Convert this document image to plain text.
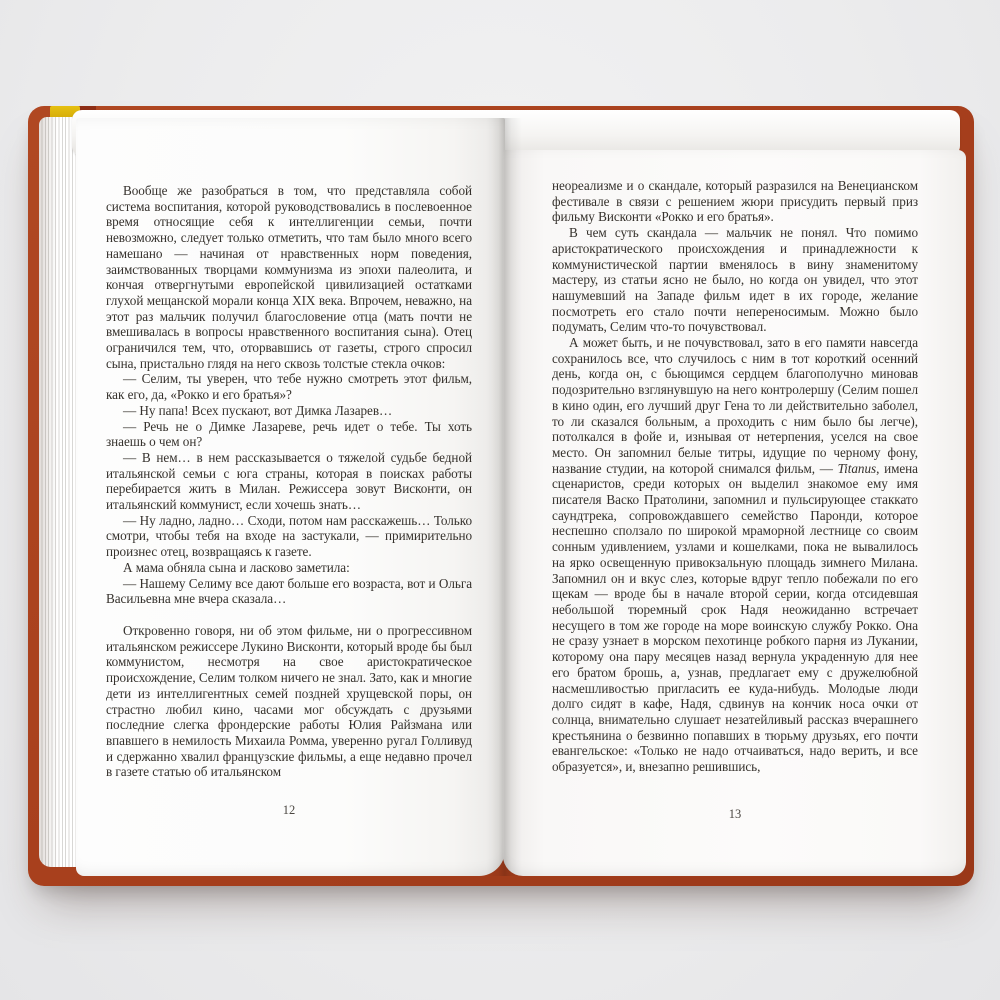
Вообще же разобраться в том, что представляла собой система воспитания, которой руководствовались в послевоенное время относящие себя к интеллигенции семьи, почти невозможно, следует только отметить, что там было много всего намешано — начиная от нравственных норм поведения, заимствованных творцами коммунизма из эпохи палеолита, и кончая отвергнутыми европейской цивилизацией остатками глухой мещанской морали конца XIX века. Впрочем, неважно, на этот раз мальчик получил благословение отца (мать почти не вмешивалась в вопросы нравственного воспитания сына). Отец ограничился тем, что, оторвавшись от газеты, строго спросил сына, пристально глядя на него сквозь толстые стекла очков:

— Селим, ты уверен, что тебе нужно смотреть этот фильм, как его, да, «Рокко и его братья»?

— Ну папа! Всех пускают, вот Димка Лазарев…

— Речь не о Димке Лазареве, речь идет о тебе. Ты хоть знаешь о чем он?

— В нем… в нем рассказывается о тяжелой судьбе бедной итальянской семьи с юга страны, которая в поисках работы перебирается жить в Милан. Режиссера зовут Висконти, он итальянский коммунист, если хочешь знать…

— Ну ладно, ладно… Сходи, потом нам расскажешь… Только смотри, чтобы тебя на входе на застукали, — примирительно произнес отец, возвращаясь к газете.

А мама обняла сына и ласково заметила:

— Нашему Селиму все дают больше его возраста, вот и Ольга Васильевна мне вчера сказала…

Откровенно говоря, ни об этом фильме, ни о прогрессивном итальянском режиссере Лукино Висконти, который вроде бы был коммунистом, несмотря на свое аристократическое происхождение, Селим толком ничего не знал. Зато, как и многие дети из интеллигентных семей поздней хрущевской поры, он страстно любил кино, часами мог обсуждать с друзьями последние слегка фрондерские работы Юлия Райзмана или впавшего в немилость Михаила Ромма, уверенно ругал Голливуд и сдержанно хвалил французские фильмы, а еще недавно прочел в газете статью об итальянском

неореализме и о скандале, который разразился на Венецианском фестивале в связи с решением жюри присудить первый приз фильму Висконти «Рокко и его братья».

В чем суть скандала — мальчик не понял. Что помимо аристократического происхождения и принадлежности к коммунистической партии вменялось в вину знаменитому мастеру, из статьи ясно не было, но когда он увидел, что этот нашумевший на Западе фильм идет в их городе, желание посмотреть его стало почти непереносимым. Можно было подумать, Селим что-то почувствовал.

А может быть, и не почувствовал, зато в его памяти навсегда сохранилось все, что случилось с ним в тот короткий осенний день, когда он, с бьющимся сердцем благополучно миновав подозрительно взглянувшую на него контролершу (Селим пошел в кино один, его лучший друг Гена то ли действительно заболел, то ли сказался больным, а проходить с ним было бы легче), потолкался в фойе и, изнывая от нетерпения, уселся на свое место. Он запомнил белые титры, идущие по черному фону, название студии, на которой снимался фильм, — Titanus, имена сценаристов, среди которых он выделил знакомое ему имя писателя Васко Пратолини, запомнил и пульсирующее стаккато саундтрека, сопровождавшего семейство Паронди, которое неспешно сползало по широкой мраморной лестнице со своим сонным удивлением, узлами и кошелками, пока не вывалилось на ярко освещенную привокзальную площадь зимнего Милана. Запомнил он и вкус слез, которые вдруг тепло побежали по его щекам — вроде бы в начале второй серии, когда отсидевшая небольшой тюремный срок Надя неожиданно встречает несущего в том же городе на море воинскую службу Рокко. Она не сразу узнает в морском пехотинце робкого парня из Лукании, которому она пару месяцев назад вернула украденную для нее его братом брошь, а, узнав, предлагает ему с дружелюбной насмешливостью пригласить ее куда-нибудь. Молодые люди долго сидят в кафе, Надя, сдвинув на кончик носа очки от солнца, внимательно слушает незатейливый рассказ вчерашнего крестьянина о безвинно попавших в тюрьму друзьях, его почти евангельское: «Только не надо отчаиваться, надо верить, и все образуется», и, внезапно решившись,

12	13
